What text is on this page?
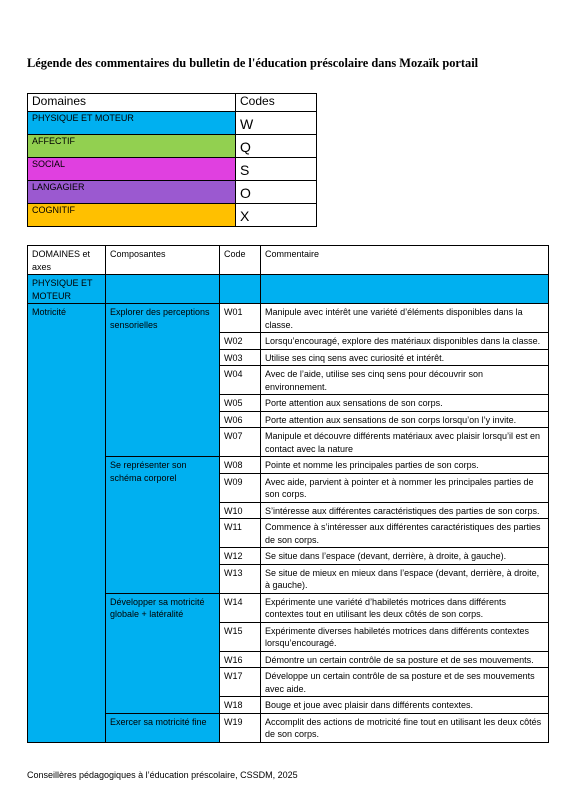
Légende des commentaires du bulletin de l'éducation préscolaire dans Mozaïk portail
Domaines	Codes
PHYSIQUE ET MOTEUR	W
AFFECTIF	Q
SOCIAL	S
LANGAGIER	O
COGNITIF	X
DOMAINES et axes	Composantes	Code	Commentaire
PHYSIQUE ET MOTEUR			
Motricité	Explorer des perceptions sensorielles	W01	Manipule avec intérêt une variété d’éléments disponibles dans la classe.
		W02	Lorsqu’encouragé, explore des matériaux disponibles dans la classe.
		W03	Utilise ses cinq sens avec curiosité et intérêt.
		W04	Avec de l’aide, utilise ses cinq sens pour découvrir son environnement.
		W05	Porte attention aux sensations de son corps.
		W06	Porte attention aux sensations de son corps lorsqu’on l’y invite.
		W07	Manipule et découvre différents matériaux avec plaisir lorsqu’il est en contact avec la nature
	Se représenter son schéma corporel	W08	Pointe et nomme les principales parties de son corps.
		W09	Avec aide, parvient à pointer et à nommer les principales parties de son corps.
		W10	S’intéresse aux différentes caractéristiques des parties de son corps.
		W11	Commence à s’intéresser aux différentes caractéristiques des parties de son corps.
		W12	Se situe dans l’espace (devant, derrière, à droite, à gauche).
		W13	Se situe de mieux en mieux dans l’espace (devant, derrière, à droite, à gauche).
	Développer sa motricité globale + latéralité	W14	Expérimente une variété d’habiletés motrices dans différents contextes tout en utilisant les deux côtés de son corps.
		W15	Expérimente diverses habiletés motrices dans différents contextes lorsqu’encouragé.
		W16	Démontre un certain contrôle de sa posture et de ses mouvements.
		W17	Développe un certain contrôle de sa posture et de ses mouvements avec aide.
		W18	Bouge et joue avec plaisir dans différents contextes.
	Exercer sa motricité fine	W19	Accomplit des actions de motricité fine tout en utilisant les deux côtés de son corps.
Conseillères pédagogiques à l’éducation préscolaire, CSSDM, 2025
